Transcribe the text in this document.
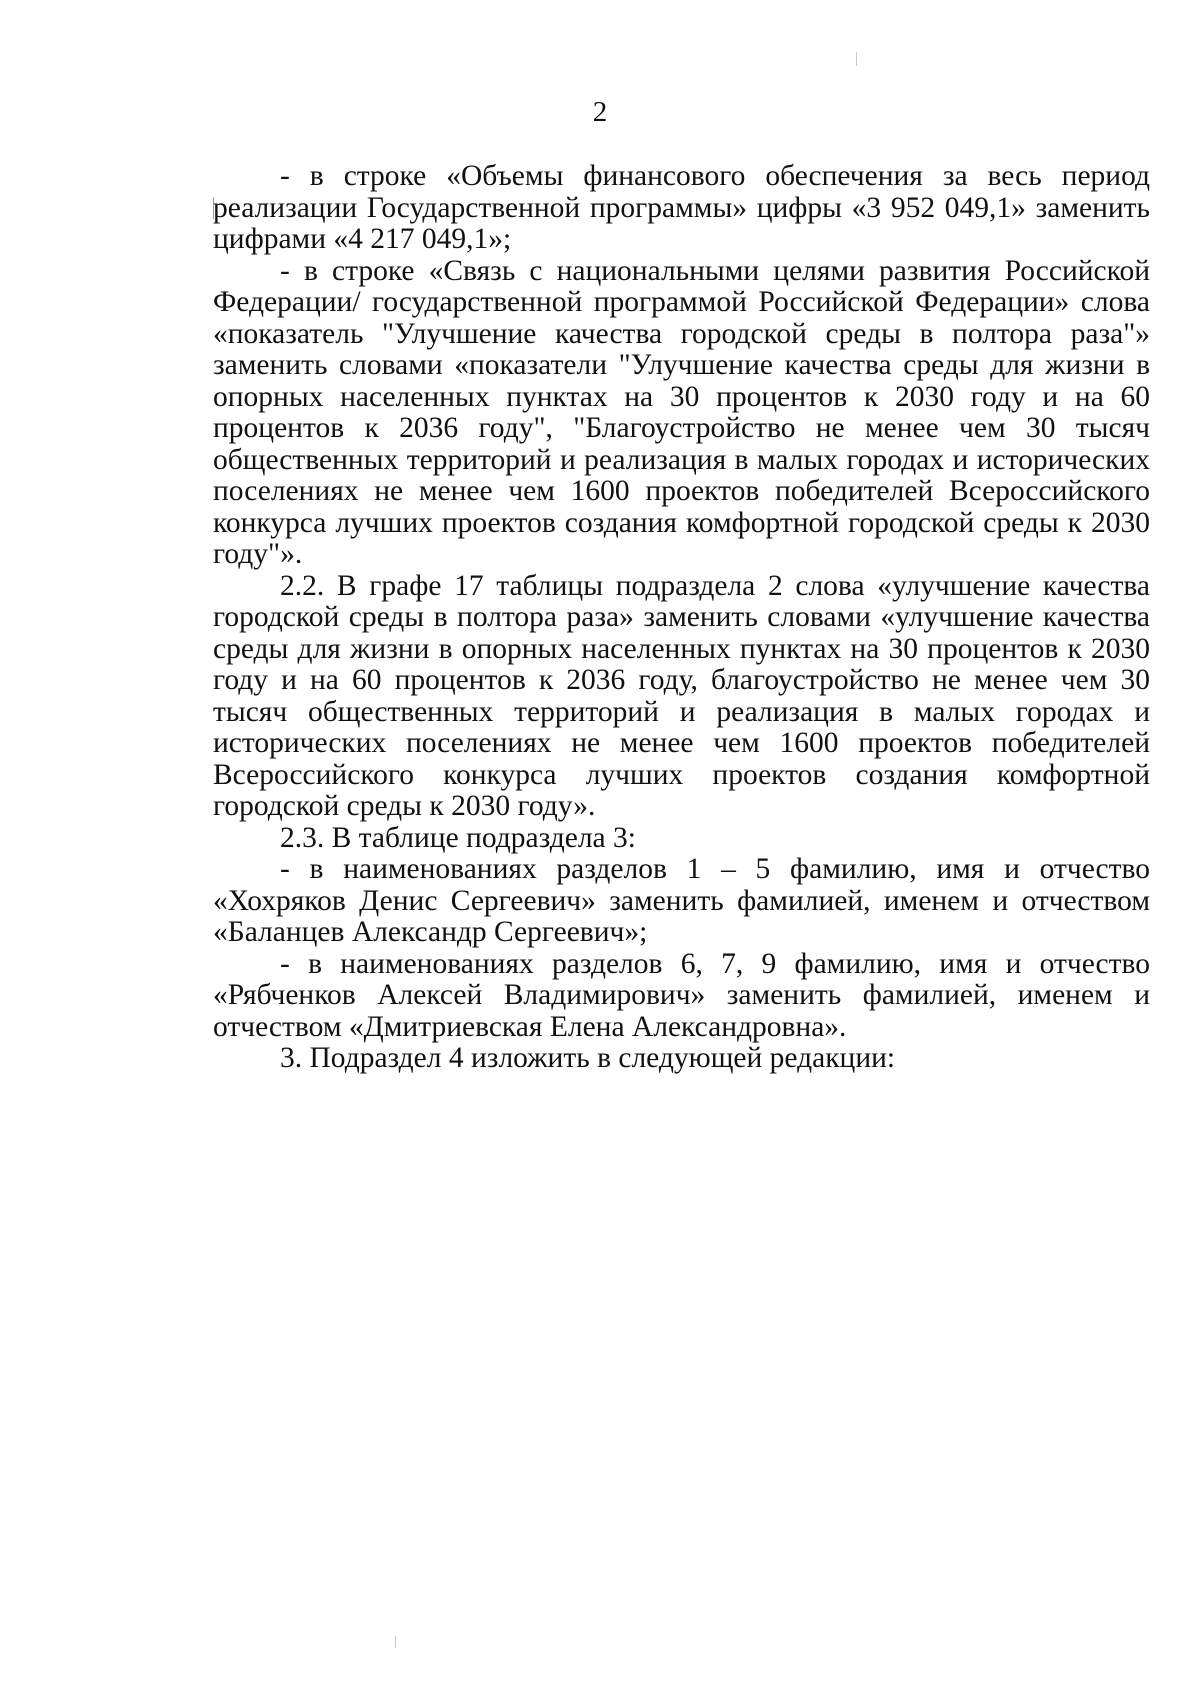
2

- в строке «Объемы финансового обеспечения за весь период реализации Государственной программы» цифры «3 952 049,1» заменить цифрами «4 217 049,1»;

- в строке «Связь с национальными целями развития Российской Федерации/ государственной программой Российской Федерации» слова «показатель "Улучшение качества городской среды в полтора раза"» заменить словами «показатели "Улучшение качества среды для жизни в опорных населенных пунктах на 30 процентов к 2030 году и на 60 процентов к 2036 году", "Благоустройство не менее чем 30 тысяч общественных территорий и реализация в малых городах и исторических поселениях не менее чем 1600 проектов победителей Всероссийского конкурса лучших проектов создания комфортной городской среды к 2030 году"».

2.2. В графе 17 таблицы подраздела 2 слова «улучшение качества городской среды в полтора раза» заменить словами «улучшение качества среды для жизни в опорных населенных пунктах на 30 процентов к 2030 году и на 60 процентов к 2036 году, благоустройство не менее чем 30 тысяч общественных территорий и реализация в малых городах и исторических поселениях не менее чем 1600 проектов победителей Всероссийского конкурса лучших проектов создания комфортной городской среды к 2030 году».

2.3. В таблице подраздела 3:

- в наименованиях разделов 1 – 5 фамилию, имя и отчество «Хохряков Денис Сергеевич» заменить фамилией, именем и отчеством «Баланцев Александр Сергеевич»;

- в наименованиях разделов 6, 7, 9 фамилию, имя и отчество «Рябченков Алексей Владимирович» заменить фамилией, именем и отчеством «Дмитриевская Елена Александровна».

3. Подраздел 4 изложить в следующей редакции:
